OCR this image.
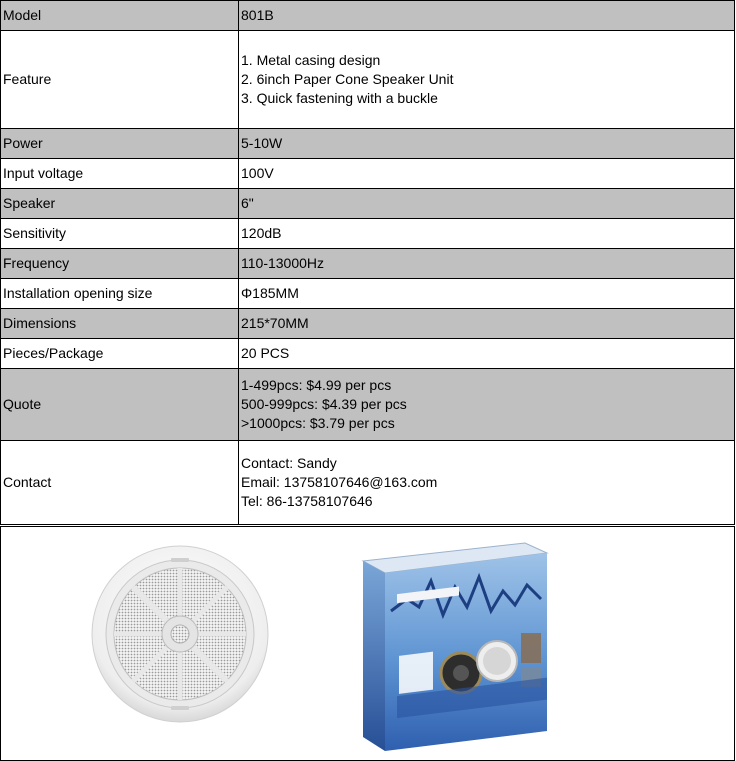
Model	801B

Feature	1. Metal casing design
2. 6inch Paper Cone Speaker Unit
3. Quick fastening with a buckle

Power	5-10W

Input voltage	100V

Speaker	6"

Sensitivity	120dB

Frequency	110-13000Hz

Installation opening size	Φ185MM

Dimensions	215*70MM

Pieces/Package	20 PCS

Quote	1-499pcs: $4.99 per pcs
500-999pcs: $4.39 per pcs
>1000pcs: $3.79 per pcs

Contact	Contact: Sandy
Email: 13758107646@163.com
Tel: 86-13758107646
